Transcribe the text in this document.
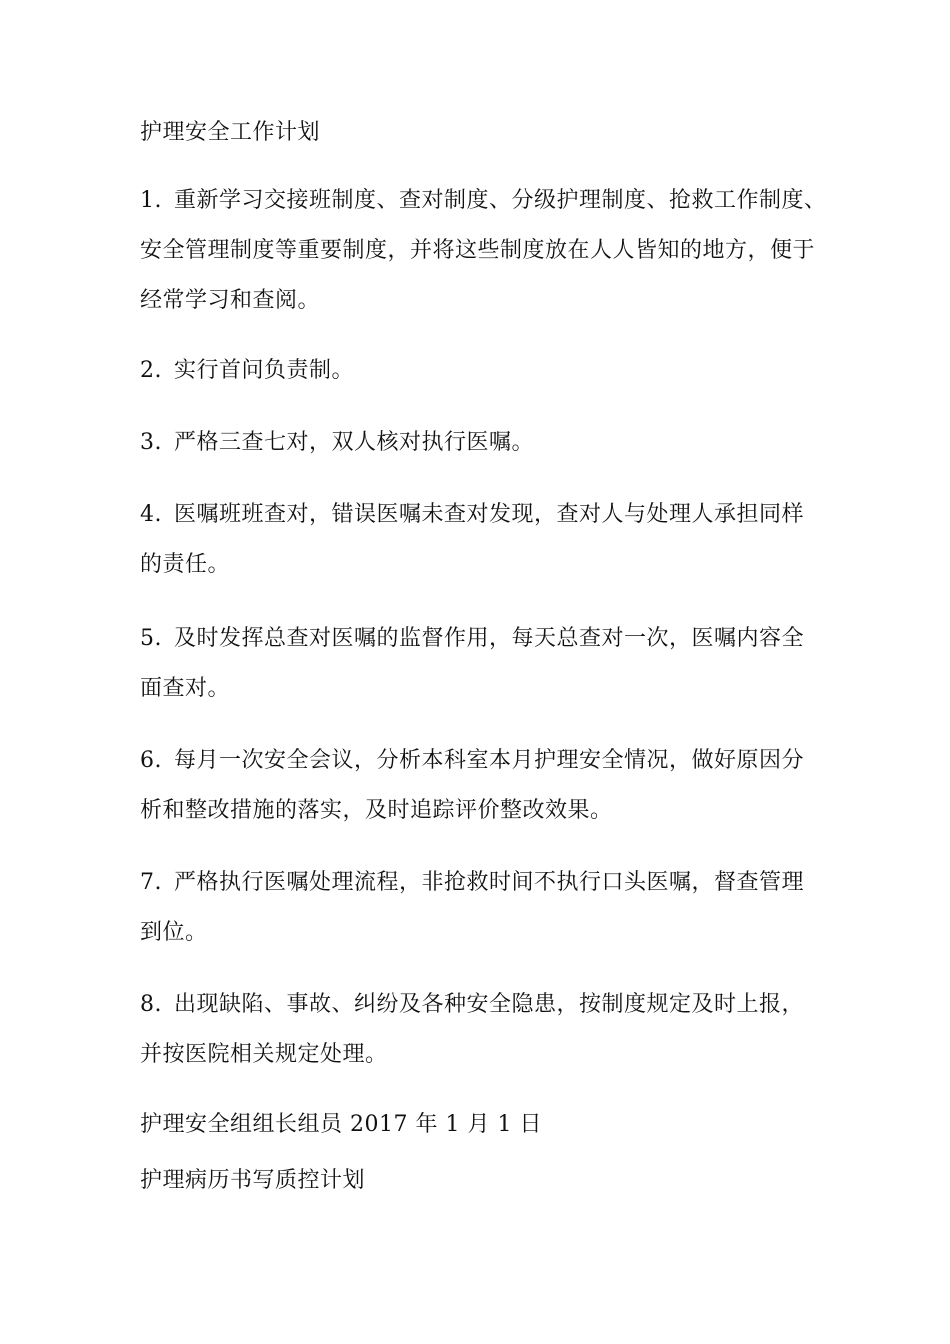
护理安全工作计划
1. 重新学习交接班制度、查对制度、分级护理制度、抢救工作制度、
安全管理制度等重要制度，并将这些制度放在人人皆知的地方，便于
经常学习和查阅。
2. 实行首问负责制。
3. 严格三查七对，双人核对执行医嘱。
4. 医嘱班班查对，错误医嘱未查对发现，查对人与处理人承担同样
的责任。
5. 及时发挥总查对医嘱的监督作用，每天总查对一次，医嘱内容全
面查对。
6. 每月一次安全会议，分析本科室本月护理安全情况，做好原因分
析和整改措施的落实，及时追踪评价整改效果。
7. 严格执行医嘱处理流程，非抢救时间不执行口头医嘱，督查管理
到位。
8. 出现缺陷、事故、纠纷及各种安全隐患，按制度规定及时上报，
并按医院相关规定处理。
护理安全组组长组员 2017 年 1 月 1 日
护理病历书写质控计划
